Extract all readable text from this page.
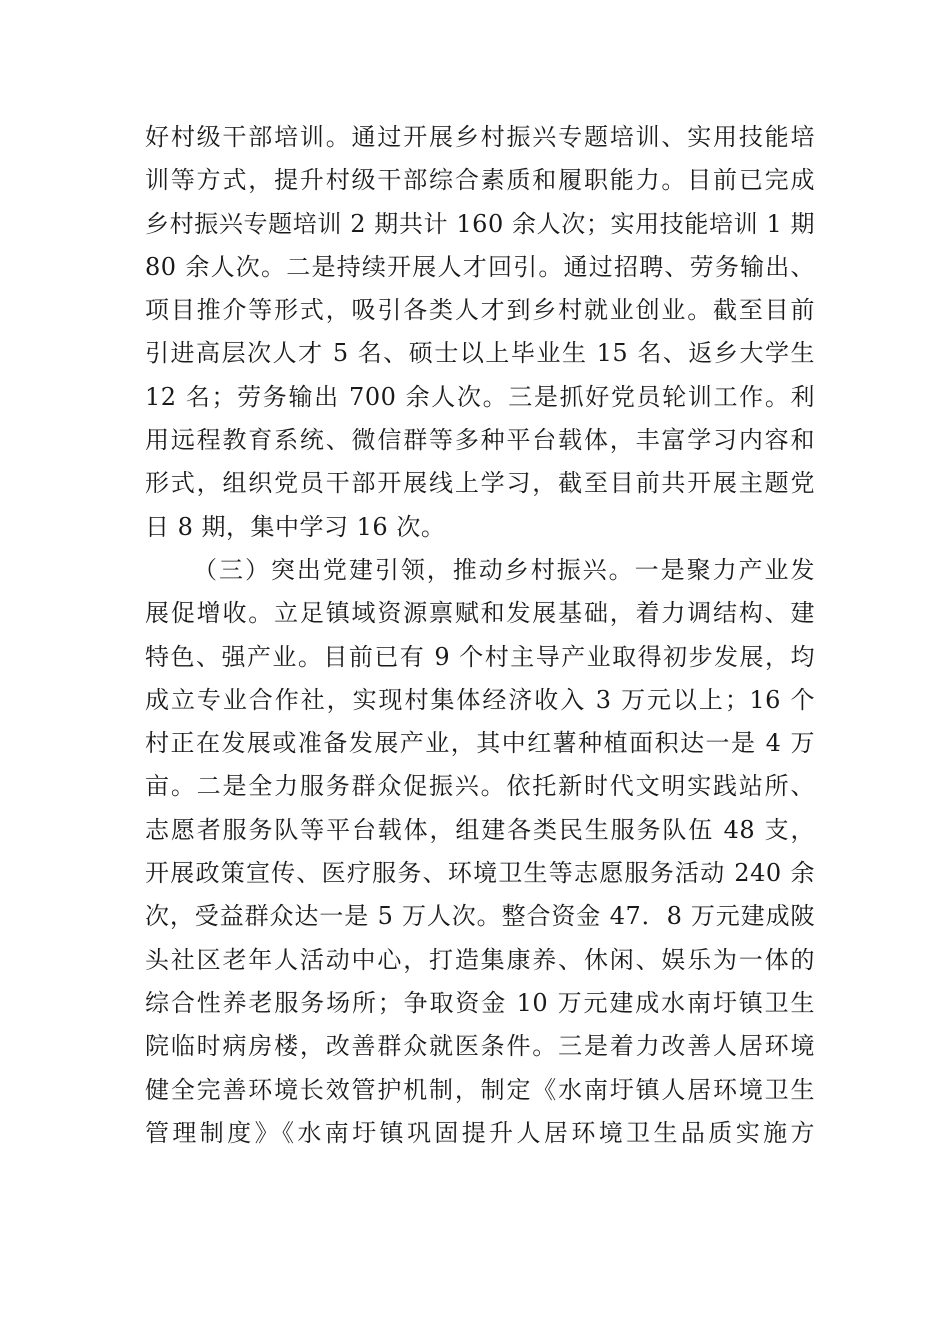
好村级干部培训。通过开展乡村振兴专题培训、实用技能培
训等方式，提升村级干部综合素质和履职能力。目前已完成
乡村振兴专题培训 2 期共计 160 余人次；实用技能培训 1 期
80 余人次。二是持续开展人才回引。通过招聘、劳务输出、
项目推介等形式，吸引各类人才到乡村就业创业。截至目前
引进高层次人才 5 名、硕士以上毕业生 15 名、返乡大学生
12 名；劳务输出 700 余人次。三是抓好党员轮训工作。利
用远程教育系统、微信群等多种平台载体，丰富学习内容和
形式，组织党员干部开展线上学习，截至目前共开展主题党
日 8 期，集中学习 16 次。
（三）突出党建引领，推动乡村振兴。一是聚力产业发
展促增收。立足镇域资源禀赋和发展基础，着力调结构、建
特色、强产业。目前已有 9 个村主导产业取得初步发展，均
成立专业合作社，实现村集体经济收入 3 万元以上；16 个
村正在发展或准备发展产业，其中红薯种植面积达一是 4 万
亩。二是全力服务群众促振兴。依托新时代文明实践站所、
志愿者服务队等平台载体，组建各类民生服务队伍 48 支，
开展政策宣传、医疗服务、环境卫生等志愿服务活动 240 余
次，受益群众达一是 5 万人次。整合资金 47．8 万元建成陂
头社区老年人活动中心，打造集康养、休闲、娱乐为一体的
综合性养老服务场所；争取资金 10 万元建成水南圩镇卫生
院临时病房楼，改善群众就医条件。三是着力改善人居环境
健全完善环境长效管护机制，制定《水南圩镇人居环境卫生
管理制度》《水南圩镇巩固提升人居环境卫生品质实施方
